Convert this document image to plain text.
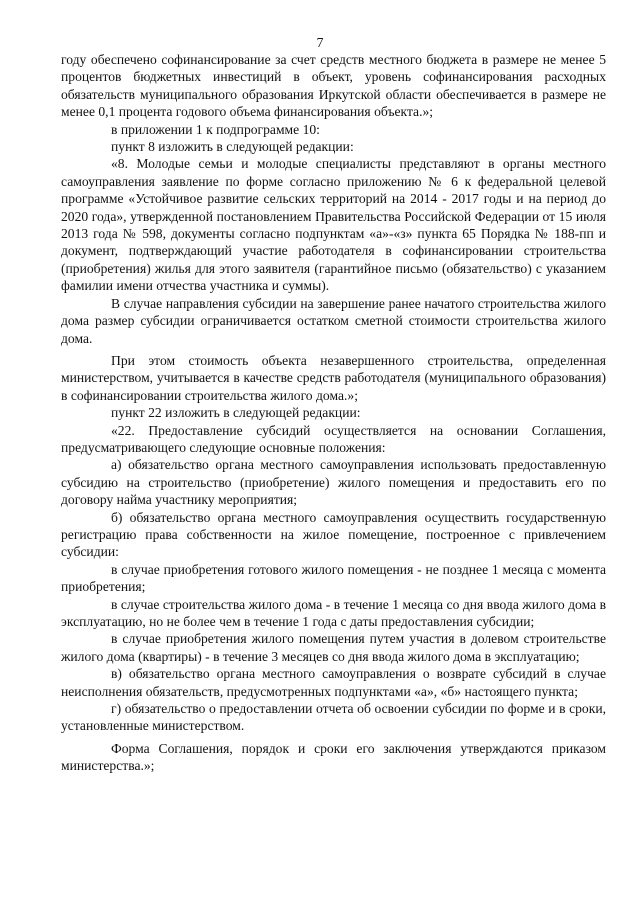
7

году обеспечено софинансирование за счет средств местного бюджета в размере не менее 5 процентов бюджетных инвестиций в объект, уровень софинансирования расходных обязательств муниципального образования Иркутской области обеспечивается в размере не менее 0,1 процента годового объема финансирования объекта.»;

в приложении 1 к подпрограмме 10:

пункт 8 изложить в следующей редакции:

«8. Молодые семьи и молодые специалисты представляют в органы местного самоуправления заявление по форме согласно приложению № 6 к федеральной целевой программе «Устойчивое развитие сельских территорий на 2014 - 2017 годы и на период до 2020 года», утвержденной постановлением Правительства Российской Федерации от 15 июля 2013 года № 598, документы согласно подпунктам «а»-«з» пункта 65 Порядка № 188-пп и документ, подтверждающий участие работодателя в софинансировании строительства (приобретения) жилья для этого заявителя (гарантийное письмо (обязательство) с указанием фамилии имени отчества участника и суммы).

В случае направления субсидии на завершение ранее начатого строительства жилого дома размер субсидии ограничивается остатком сметной стоимости строительства жилого дома.

При этом стоимость объекта незавершенного строительства, определенная министерством, учитывается в качестве средств работодателя (муниципального образования) в софинансировании строительства жилого дома.»;

пункт 22 изложить в следующей редакции:

«22. Предоставление субсидий осуществляется на основании Соглашения, предусматривающего следующие основные положения:

а) обязательство органа местного самоуправления использовать предоставленную субсидию на строительство (приобретение) жилого помещения и предоставить его по договору найма участнику мероприятия;

б) обязательство органа местного самоуправления осуществить государственную регистрацию права собственности на жилое помещение, построенное с привлечением субсидии:

в случае приобретения готового жилого помещения - не позднее 1 месяца с момента приобретения;

в случае строительства жилого дома - в течение 1 месяца со дня ввода жилого дома в эксплуатацию, но не более чем в течение 1 года с даты предоставления субсидии;

в случае приобретения жилого помещения путем участия в долевом строительстве жилого дома (квартиры) - в течение 3 месяцев со дня ввода жилого дома в эксплуатацию;

в) обязательство органа местного самоуправления о возврате субсидий в случае неисполнения обязательств, предусмотренных подпунктами «а», «б» настоящего пункта;

г) обязательство о предоставлении отчета об освоении субсидии по форме и в сроки, установленные министерством.

Форма Соглашения, порядок и сроки его заключения утверждаются приказом министерства.»;
